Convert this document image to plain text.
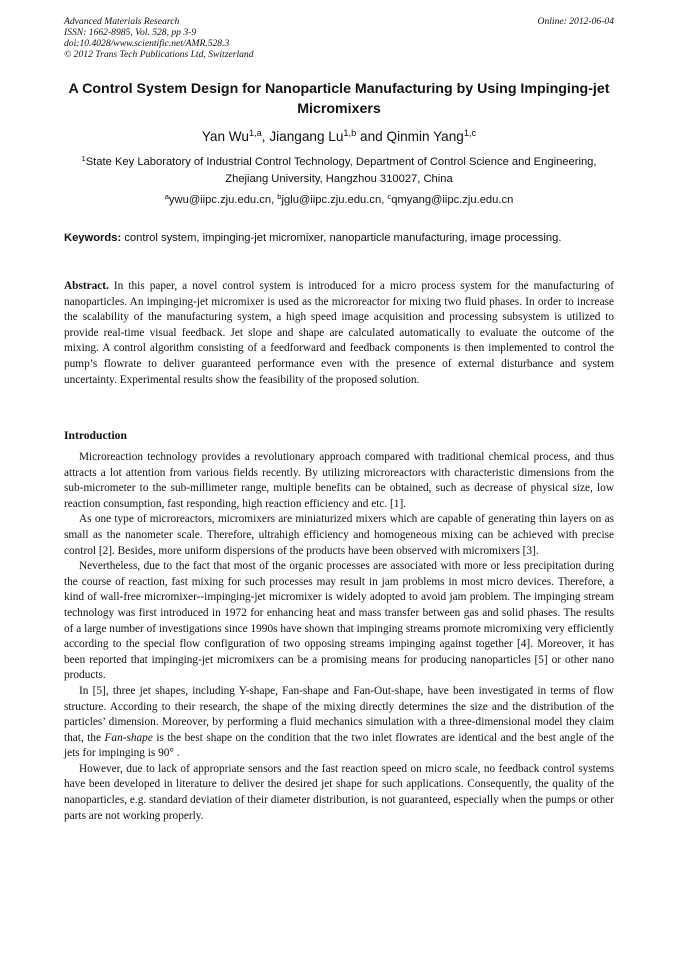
Advanced Materials Research
ISSN: 1662-8985, Vol. 528, pp 3-9
doi:10.4028/www.scientific.net/AMR.528.3
© 2012 Trans Tech Publications Ltd, Switzerland
Online: 2012-06-04
A Control System Design for Nanoparticle Manufacturing by Using Impinging-jet Micromixers
Yan Wu$^{1,a}$, Jiangang Lu$^{1,b}$ and Qinmin Yang$^{1,c}$
$^1$State Key Laboratory of Industrial Control Technology, Department of Control Science and Engineering, Zhejiang University, Hangzhou 310027, China
$^a$ywu@iipc.zju.edu.cn, $^b$jglu@iipc.zju.edu.cn, $^c$qmyang@iipc.zju.edu.cn
Keywords: control system, impinging-jet micromixer, nanoparticle manufacturing, image processing.
Abstract. In this paper, a novel control system is introduced for a micro process system for the manufacturing of nanoparticles. An impinging-jet micromixer is used as the microreactor for mixing two fluid phases. In order to increase the scalability of the manufacturing system, a high speed image acquisition and processing subsystem is utilized to provide real-time visual feedback. Jet slope and shape are calculated automatically to evaluate the outcome of the mixing. A control algorithm consisting of a feedforward and feedback components is then implemented to control the pump’s flowrate to deliver guaranteed performance even with the presence of external disturbance and system uncertainty. Experimental results show the feasibility of the proposed solution.
Introduction

Microreaction technology provides a revolutionary approach compared with traditional chemical process, and thus attracts a lot attention from various fields recently. By utilizing microreactors with characteristic dimensions from the sub-micrometer to the sub-millimeter range, multiple benefits can be obtained, such as decrease of physical size, low reaction consumption, fast responding, high reaction efficiency and etc. [1].

As one type of microreactors, micromixers are miniaturized mixers which are capable of generating thin layers on as small as the nanometer scale. Therefore, ultrahigh efficiency and homogeneous mixing can be achieved with precise control [2]. Besides, more uniform dispersions of the products have been observed with micromixers [3].

Nevertheless, due to the fact that most of the organic processes are associated with more or less precipitation during the course of reaction, fast mixing for such processes may result in jam problems in most micro devices. Therefore, a kind of wall-free micromixer--impinging-jet micromixer is widely adopted to avoid jam problem. The impinging stream technology was first introduced in 1972 for enhancing heat and mass transfer between gas and solid phases. The results of a large number of investigations since 1990s have shown that impinging streams promote micromixing very efficiently according to the special flow configuration of two opposing streams impinging against together [4]. Moreover, it has been reported that impinging-jet micromixers can be a promising means for producing nanoparticles [5] or other nano products.

In [5], three jet shapes, including Y-shape, Fan-shape and Fan-Out-shape, have been investigated in terms of flow structure. According to their research, the shape of the mixing directly determines the size and the distribution of the particles’ dimension. Moreover, by performing a fluid mechanics simulation with a three-dimensional model they claim that, the Fan-shape is the best shape on the condition that the two inlet flowrates are identical and the best angle of the jets for impinging is 90° .

However, due to lack of appropriate sensors and the fast reaction speed on micro scale, no feedback control systems have been developed in literature to deliver the desired jet shape for such applications. Consequently, the quality of the nanoparticles, e.g. standard deviation of their diameter distribution, is not guaranteed, especially when the pumps or other parts are not working properly.
